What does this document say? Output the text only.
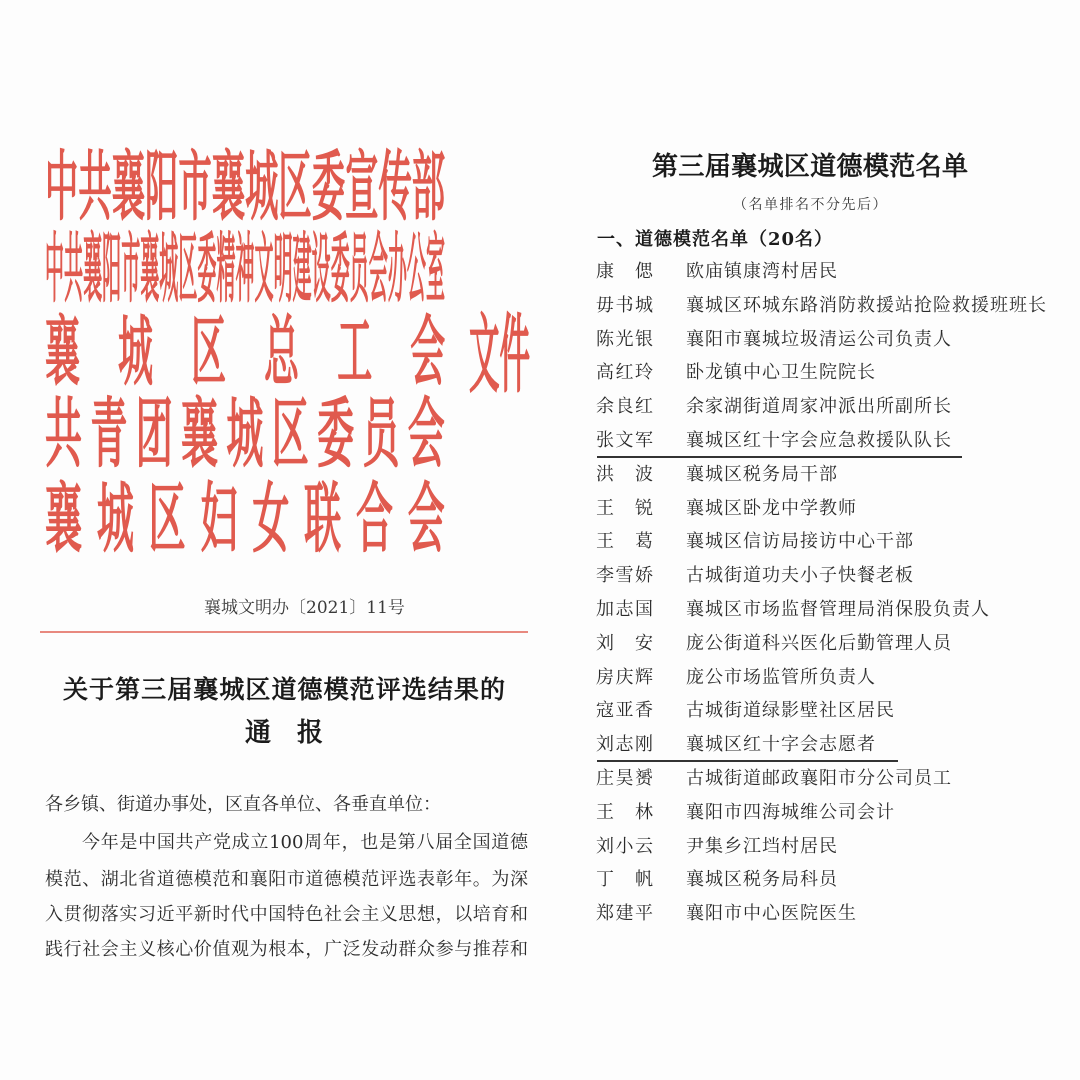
中共襄阳市襄城区委宣传部
中共襄阳市襄城区委精神文明建设委员会办公室
襄城区总工会 文件
共青团襄城区委员会
襄城区妇女联合会
襄城文明办〔2021〕11号
关于第三届襄城区道德模范评选结果的
通 报
各乡镇、街道办事处，区直各单位、各垂直单位：
今年是中国共产党成立100周年，也是第八届全国道德
模范、湖北省道德模范和襄阳市道德模范评选表彰年。为深
入贯彻落实习近平新时代中国特色社会主义思想，以培育和
践行社会主义核心价值观为根本，广泛发动群众参与推荐和
第三届襄城区道德模范名单
（名单排名不分先后）
一、道德模范名单（20名）
康 偲 欧庙镇康湾村居民
毋书城 襄城区环城东路消防救援站抢险救援班班长
陈光银 襄阳市襄城垃圾清运公司负责人
高红玲 卧龙镇中心卫生院院长
余良红 余家湖街道周家冲派出所副所长
张文军 襄城区红十字会应急救援队队长
洪 波 襄城区税务局干部
王 锐 襄城区卧龙中学教师
王 葛 襄城区信访局接访中心干部
李雪娇 古城街道功夫小子快餐老板
加志国 襄城区市场监督管理局消保股负责人
刘 安 庞公街道科兴医化后勤管理人员
房庆辉 庞公市场监管所负责人
寇亚香 古城街道绿影壁社区居民
刘志刚 襄城区红十字会志愿者
庄昊赟 古城街道邮政襄阳市分公司员工
王 林 襄阳市四海城维公司会计
刘小云 尹集乡江垱村居民
丁 帆 襄城区税务局科员
郑建平 襄阳市中心医院医生
